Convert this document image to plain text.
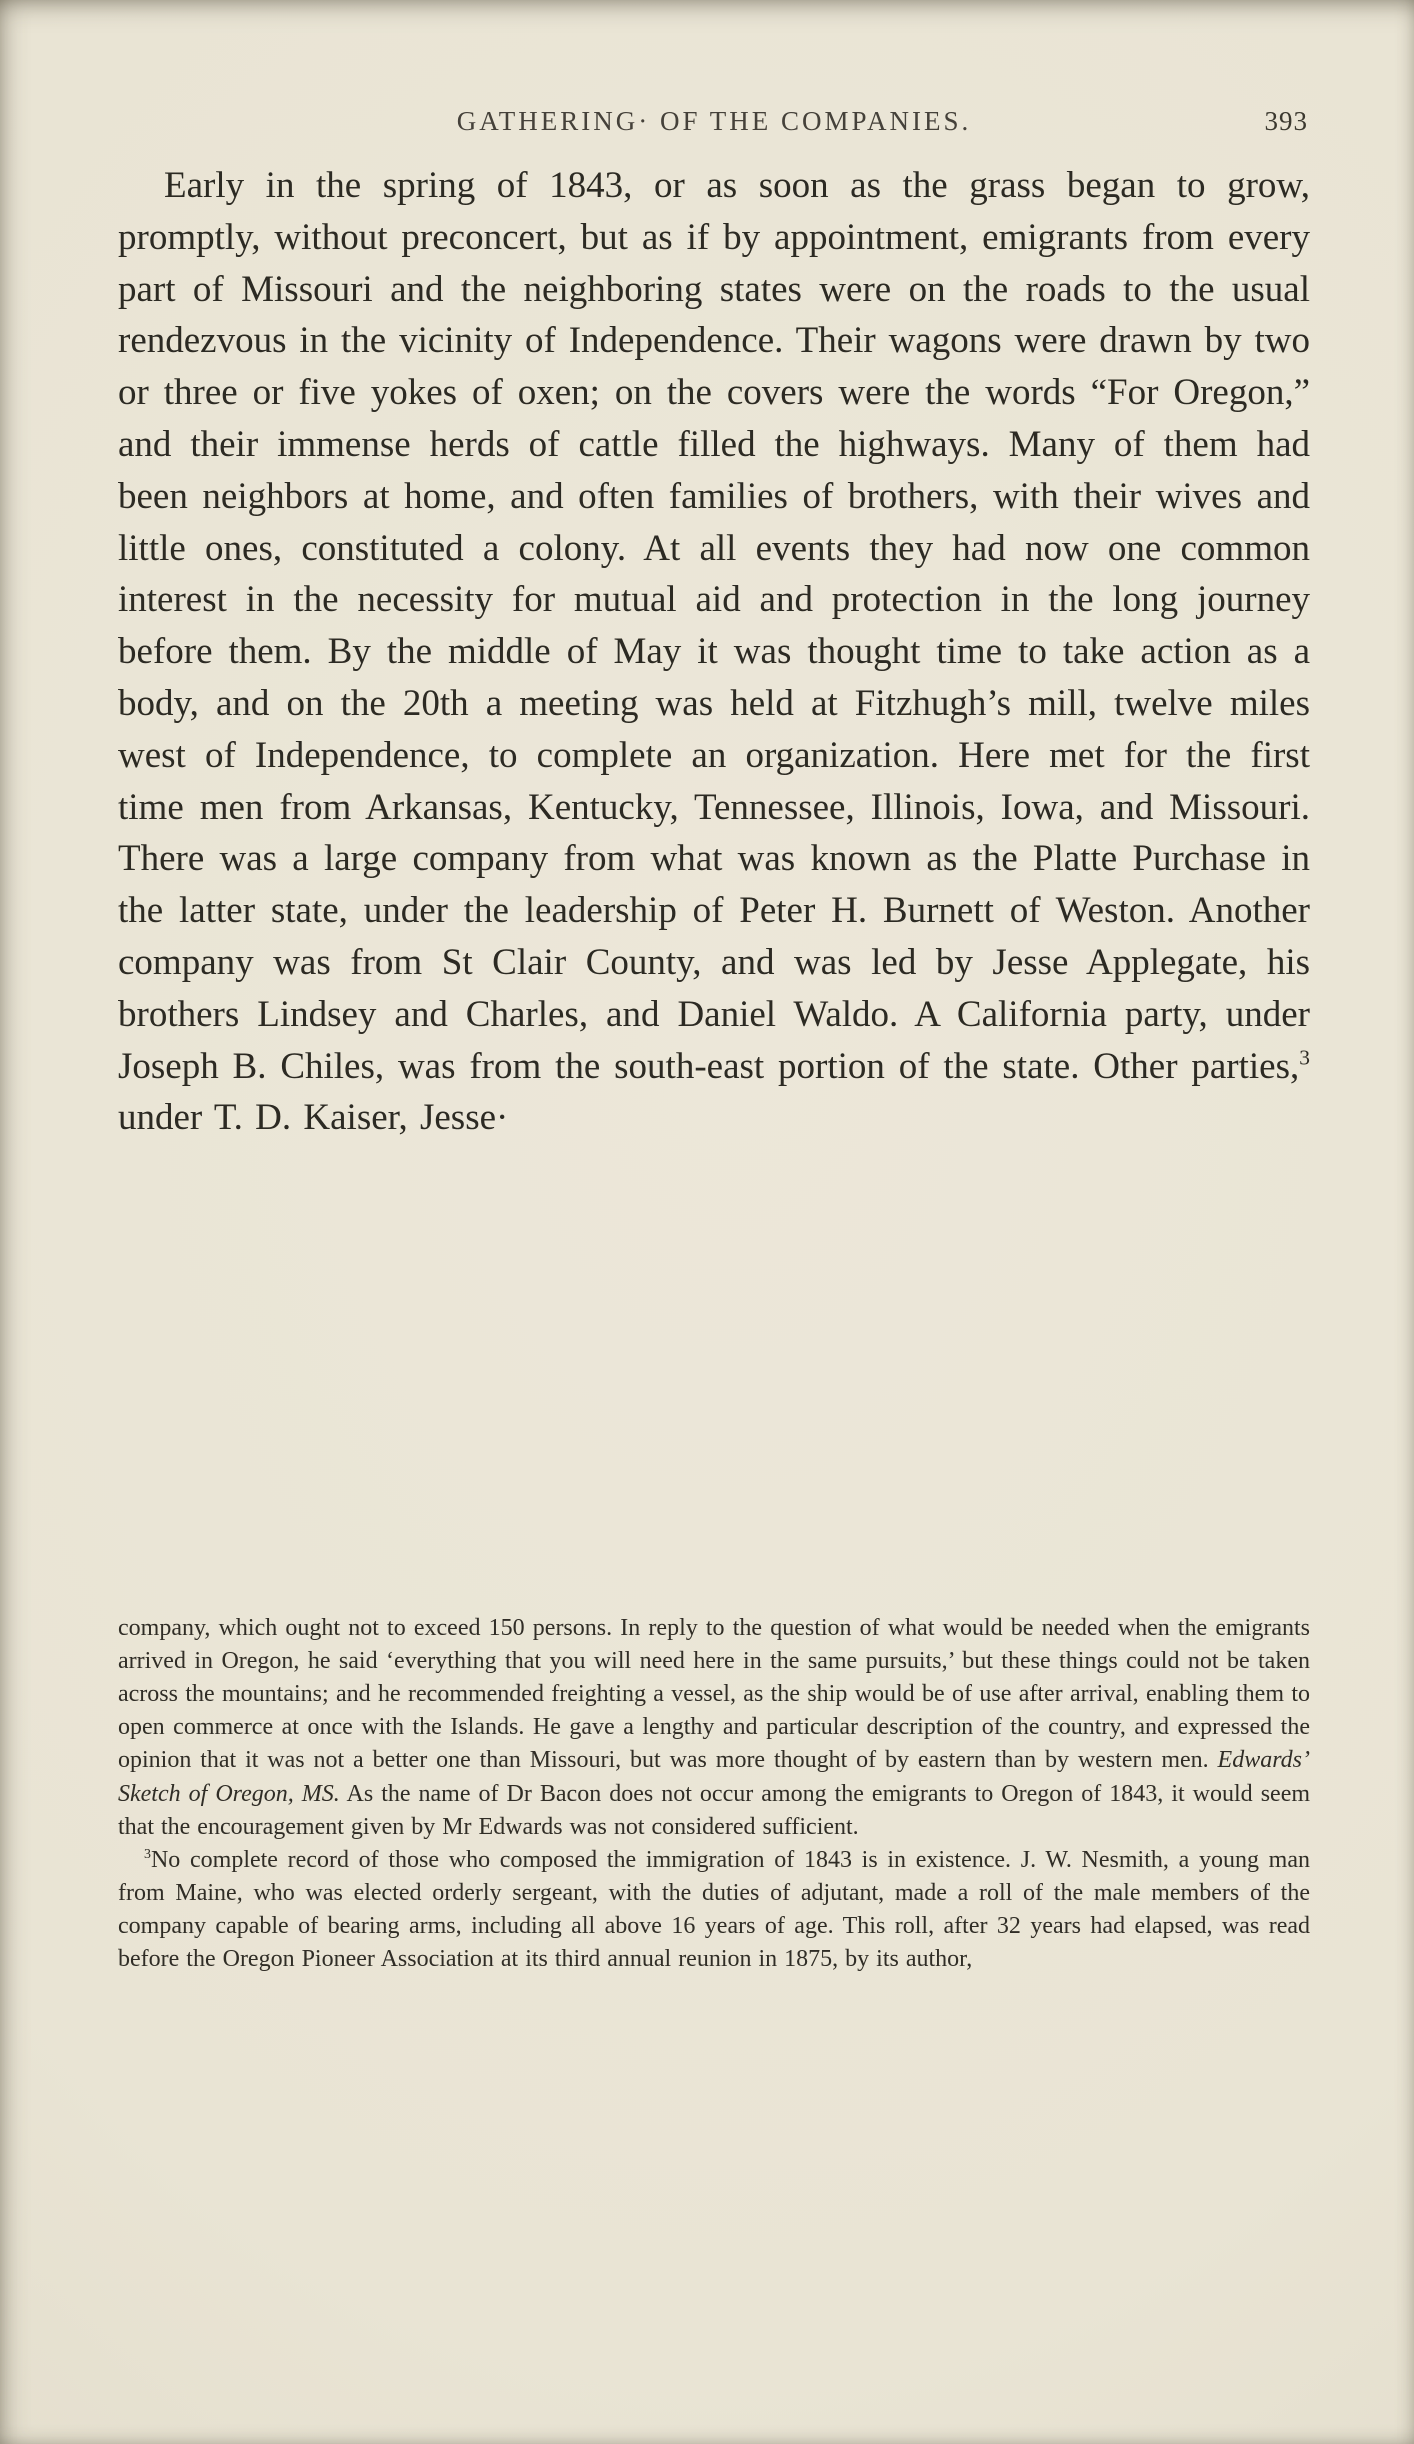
GATHERING· OF THE COMPANIES.	393

Early in the spring of 1843, or as soon as the grass began to grow, promptly, without preconcert, but as if by appointment, emigrants from every part of Missouri and the neighboring states were on the roads to the usual rendezvous in the vicinity of Independence. Their wagons were drawn by two or three or five yokes of oxen; on the covers were the words “For Oregon,” and their immense herds of cattle filled the highways. Many of them had been neighbors at home, and often families of brothers, with their wives and little ones, constituted a colony. At all events they had now one common interest in the necessity for mutual aid and protection in the long journey before them. By the middle of May it was thought time to take action as a body, and on the 20th a meeting was held at Fitzhugh’s mill, twelve miles west of Independence, to complete an organization. Here met for the first time men from Arkansas, Kentucky, Tennessee, Illinois, Iowa, and Missouri. There was a large company from what was known as the Platte Purchase in the latter state, under the leadership of Peter H. Burnett of Weston. Another company was from St Clair County, and was led by Jesse Applegate, his brothers Lindsey and Charles, and Daniel Waldo. A California party, under Joseph B. Chiles, was from the south-east portion of the state. Other parties,$^3$ under T. D. Kaiser, Jesse·

company, which ought not to exceed 150 persons. In reply to the question of what would be needed when the emigrants arrived in Oregon, he said ‘everything that you will need here in the same pursuits,’ but these things could not be taken across the mountains; and he recommended freighting a vessel, as the ship would be of use after arrival, enabling them to open commerce at once with the Islands. He gave a lengthy and particular description of the country, and expressed the opinion that it was not a better one than Missouri, but was more thought of by eastern than by western men. Edwards’ Sketch of Oregon, MS. As the name of Dr Bacon does not occur among the emigrants to Oregon of 1843, it would seem that the encouragement given by Mr Edwards was not considered sufficient.

$^3$No complete record of those who composed the immigration of 1843 is in existence. J. W. Nesmith, a young man from Maine, who was elected orderly sergeant, with the duties of adjutant, made a roll of the male members of the company capable of bearing arms, including all above 16 years of age. This roll, after 32 years had elapsed, was read before the Oregon Pioneer Association at its third annual reunion in 1875, by its author,
